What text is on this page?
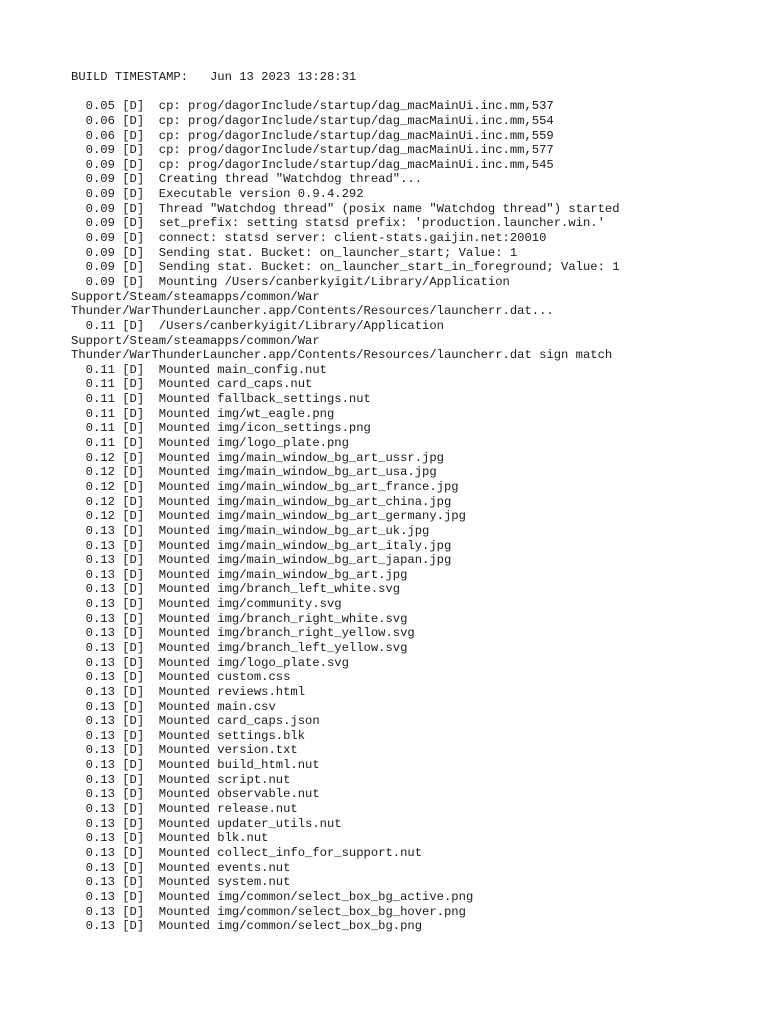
BUILD TIMESTAMP:   Jun 13 2023 13:28:31
0.05 [D]  cp: prog/dagorInclude/startup/dag_macMainUi.inc.mm,537
0.06 [D]  cp: prog/dagorInclude/startup/dag_macMainUi.inc.mm,554
0.06 [D]  cp: prog/dagorInclude/startup/dag_macMainUi.inc.mm,559
0.09 [D]  cp: prog/dagorInclude/startup/dag_macMainUi.inc.mm,577
0.09 [D]  cp: prog/dagorInclude/startup/dag_macMainUi.inc.mm,545
0.09 [D]  Creating thread "Watchdog thread"...
0.09 [D]  Executable version 0.9.4.292
0.09 [D]  Thread "Watchdog thread" (posix name "Watchdog thread") started
0.09 [D]  set_prefix: setting statsd prefix: 'production.launcher.win.'
0.09 [D]  connect: statsd server: client-stats.gaijin.net:20010
0.09 [D]  Sending stat. Bucket: on_launcher_start; Value: 1
0.09 [D]  Sending stat. Bucket: on_launcher_start_in_foreground; Value: 1
0.09 [D]  Mounting /Users/canberkyigit/Library/Application
Support/Steam/steamapps/common/War
Thunder/WarThunderLauncher.app/Contents/Resources/launcherr.dat...
0.11 [D]  /Users/canberkyigit/Library/Application
Support/Steam/steamapps/common/War
Thunder/WarThunderLauncher.app/Contents/Resources/launcherr.dat sign match
0.11 [D]  Mounted main_config.nut
0.11 [D]  Mounted card_caps.nut
0.11 [D]  Mounted fallback_settings.nut
0.11 [D]  Mounted img/wt_eagle.png
0.11 [D]  Mounted img/icon_settings.png
0.11 [D]  Mounted img/logo_plate.png
0.12 [D]  Mounted img/main_window_bg_art_ussr.jpg
0.12 [D]  Mounted img/main_window_bg_art_usa.jpg
0.12 [D]  Mounted img/main_window_bg_art_france.jpg
0.12 [D]  Mounted img/main_window_bg_art_china.jpg
0.12 [D]  Mounted img/main_window_bg_art_germany.jpg
0.13 [D]  Mounted img/main_window_bg_art_uk.jpg
0.13 [D]  Mounted img/main_window_bg_art_italy.jpg
0.13 [D]  Mounted img/main_window_bg_art_japan.jpg
0.13 [D]  Mounted img/main_window_bg_art.jpg
0.13 [D]  Mounted img/branch_left_white.svg
0.13 [D]  Mounted img/community.svg
0.13 [D]  Mounted img/branch_right_white.svg
0.13 [D]  Mounted img/branch_right_yellow.svg
0.13 [D]  Mounted img/branch_left_yellow.svg
0.13 [D]  Mounted img/logo_plate.svg
0.13 [D]  Mounted custom.css
0.13 [D]  Mounted reviews.html
0.13 [D]  Mounted main.csv
0.13 [D]  Mounted card_caps.json
0.13 [D]  Mounted settings.blk
0.13 [D]  Mounted version.txt
0.13 [D]  Mounted build_html.nut
0.13 [D]  Mounted script.nut
0.13 [D]  Mounted observable.nut
0.13 [D]  Mounted release.nut
0.13 [D]  Mounted updater_utils.nut
0.13 [D]  Mounted blk.nut
0.13 [D]  Mounted collect_info_for_support.nut
0.13 [D]  Mounted events.nut
0.13 [D]  Mounted system.nut
0.13 [D]  Mounted img/common/select_box_bg_active.png
0.13 [D]  Mounted img/common/select_box_bg_hover.png
0.13 [D]  Mounted img/common/select_box_bg.png
